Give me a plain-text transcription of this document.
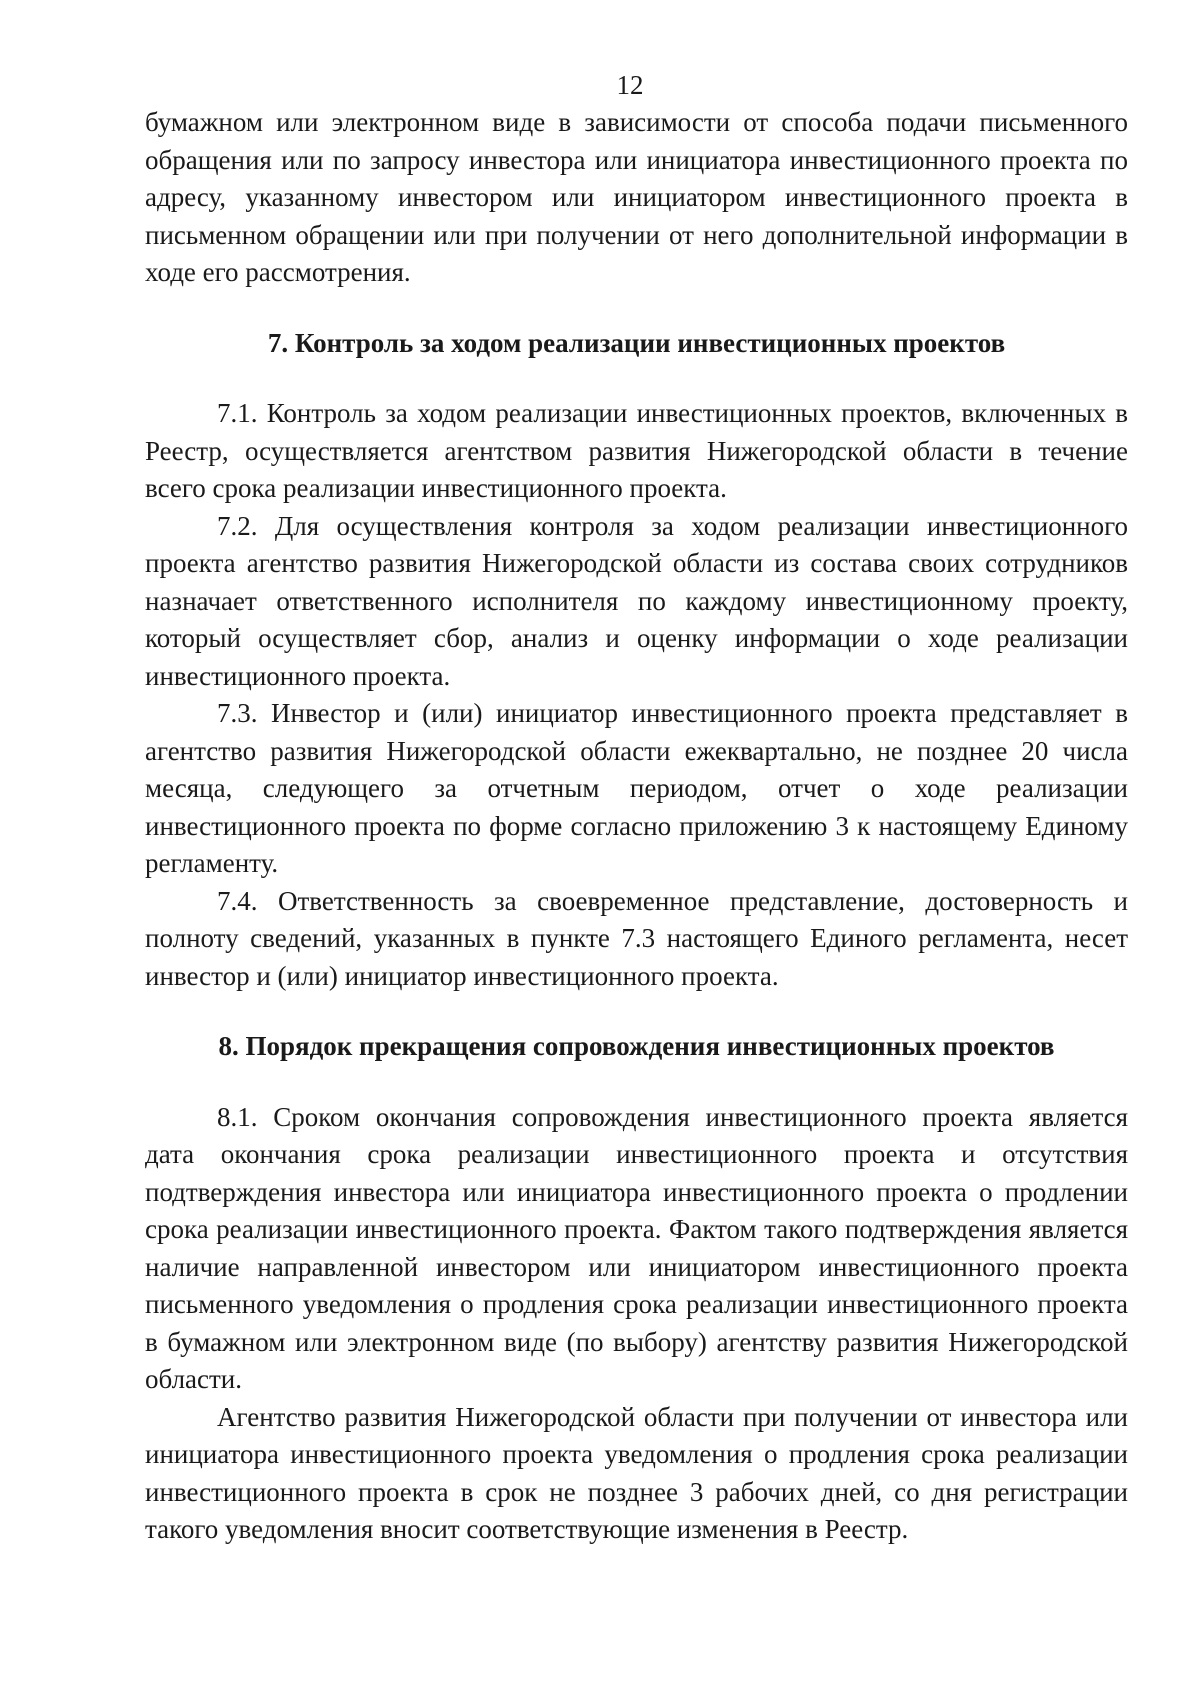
12

бумажном или электронном виде в зависимости от способа подачи письменного обращения или по запросу инвестора или инициатора инвестиционного проекта по адресу, указанному инвестором или инициатором инвестиционного проекта в письменном обращении или при получении от него дополнительной информации в ходе его рассмотрения.

7. Контроль за ходом реализации инвестиционных проектов

7.1. Контроль за ходом реализации инвестиционных проектов, включенных в Реестр, осуществляется агентством развития Нижегородской области в течение всего срока реализации инвестиционного проекта.

7.2. Для осуществления контроля за ходом реализации инвестиционного проекта агентство развития Нижегородской области из состава своих сотрудников назначает ответственного исполнителя по каждому инвестиционному проекту, который осуществляет сбор, анализ и оценку информации о ходе реализации инвестиционного проекта.

7.3. Инвестор и (или) инициатор инвестиционного проекта представляет в агентство развития Нижегородской области ежеквартально, не позднее 20 числа месяца, следующего за отчетным периодом, отчет о ходе реализации инвестиционного проекта по форме согласно приложению 3 к настоящему Единому регламенту.

7.4. Ответственность за своевременное представление, достоверность и полноту сведений, указанных в пункте 7.3 настоящего Единого регламента, несет инвестор и (или) инициатор инвестиционного проекта.

8. Порядок прекращения сопровождения инвестиционных проектов

8.1. Сроком окончания сопровождения инвестиционного проекта является дата окончания срока реализации инвестиционного проекта и отсутствия подтверждения инвестора или инициатора инвестиционного проекта о продлении срока реализации инвестиционного проекта. Фактом такого подтверждения является наличие направленной инвестором или инициатором инвестиционного проекта письменного уведомления о продления срока реализации инвестиционного проекта в бумажном или электронном виде (по выбору) агентству развития Нижегородской области.

Агентство развития Нижегородской области при получении от инвестора или инициатора инвестиционного проекта уведомления о продления срока реализации инвестиционного проекта в срок не позднее 3 рабочих дней, со дня регистрации такого уведомления вносит соответствующие изменения в Реестр.
